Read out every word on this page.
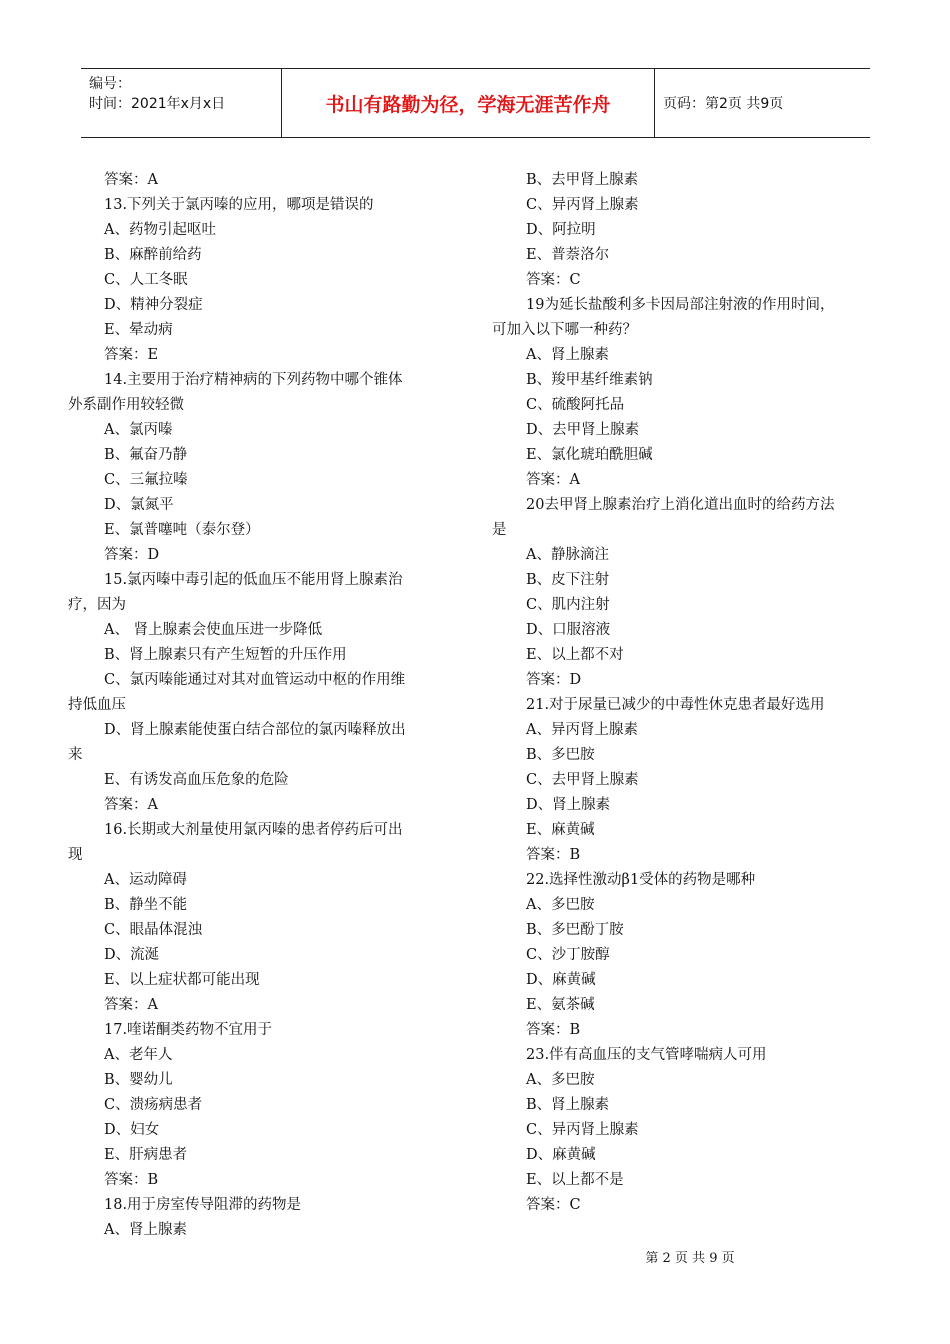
编号：
时间：2021年x月x日	书山有路勤为径，学海无涯苦作舟	页码：第2页 共9页
答案：A
13.下列关于氯丙嗪的应用，哪项是错误的
A、药物引起呕吐
B、麻醉前给药
C、人工冬眠
D、精神分裂症
E、晕动病
答案：E
14.主要用于治疗精神病的下列药物中哪个锥体
外系副作用较轻微
A、氯丙嗪
B、氟奋乃静
C、三氟拉嗪
D、氯氮平
E、氯普噻吨（泰尔登）
答案：D
15.氯丙嗪中毒引起的低血压不能用肾上腺素治
疗，因为
A、 肾上腺素会使血压进一步降低
B、肾上腺素只有产生短暂的升压作用
C、氯丙嗪能通过对其对血管运动中枢的作用维
持低血压
D、肾上腺素能使蛋白结合部位的氯丙嗪释放出
来
E、有诱发高血压危象的危险
答案：A
16.长期或大剂量使用氯丙嗪的患者停药后可出
现
A、运动障碍
B、静坐不能
C、眼晶体混浊
D、流涎
E、以上症状都可能出现
答案：A
17.喹诺酮类药物不宜用于
A、老年人
B、婴幼儿
C、溃疡病患者
D、妇女
E、肝病患者
答案：B
18.用于房室传导阻滞的药物是
A、肾上腺素
B、去甲肾上腺素
C、异丙肾上腺素
D、阿拉明
E、普萘洛尔
答案：C
19为延长盐酸利多卡因局部注射液的作用时间，
可加入以下哪一种药？
A、肾上腺素
B、羧甲基纤维素钠
C、硫酸阿托品
D、去甲肾上腺素
E、氯化琥珀酰胆碱
答案：A
20去甲肾上腺素治疗上消化道出血时的给药方法
是
A、静脉滴注
B、皮下注射
C、肌内注射
D、口服溶液
E、以上都不对
答案：D
21.对于尿量已减少的中毒性休克患者最好选用
A、异丙肾上腺素
B、多巴胺
C、去甲肾上腺素
D、肾上腺素
E、麻黄碱
答案：B
22.选择性激动β1受体的药物是哪种
A、多巴胺
B、多巴酚丁胺
C、沙丁胺醇
D、麻黄碱
E、氨茶碱
答案：B
23.伴有高血压的支气管哮喘病人可用
A、多巴胺
B、肾上腺素
C、异丙肾上腺素
D、麻黄碱
E、以上都不是
答案：C
第 2 页 共 9 页
